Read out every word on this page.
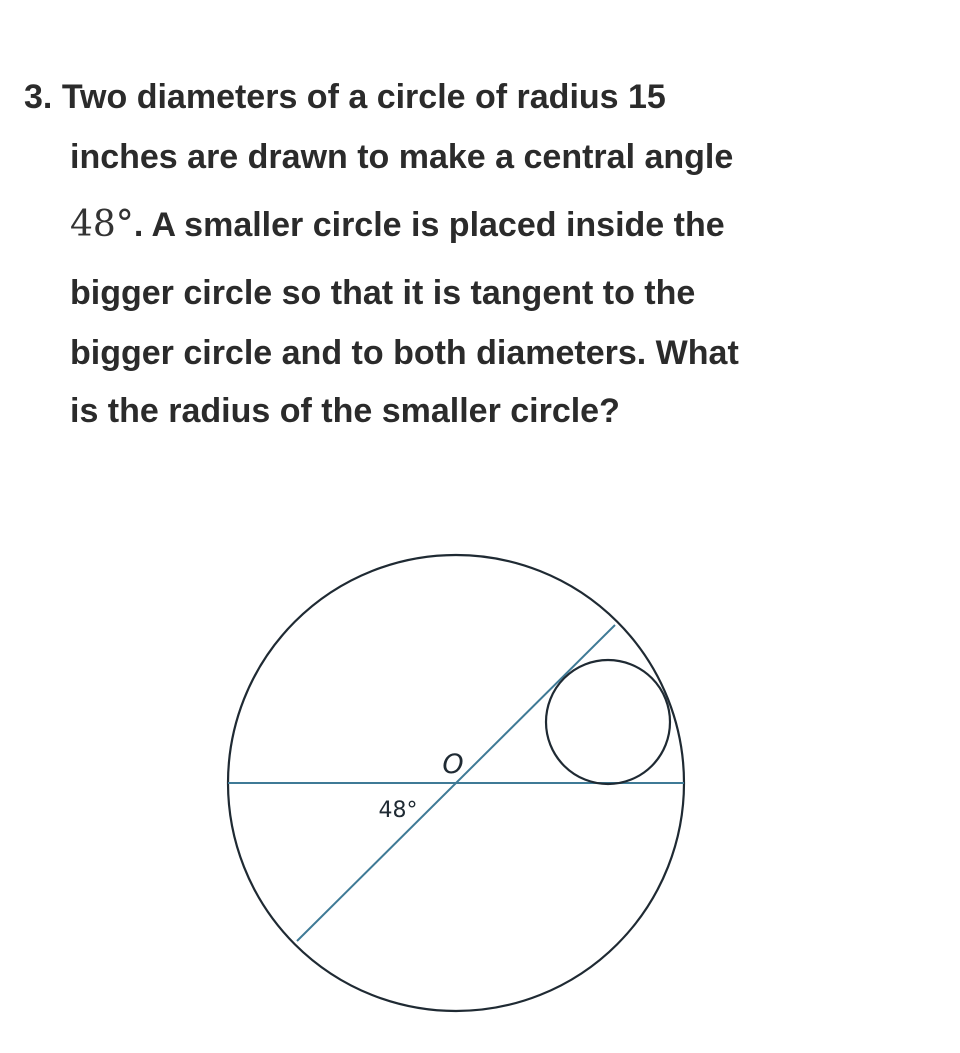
3. Two diameters of a circle of radius 15
inches are drawn to make a central angle
48°. A smaller circle is placed inside the
bigger circle so that it is tangent to the
bigger circle and to both diameters. What
is the radius of the smaller circle?
O
48°
